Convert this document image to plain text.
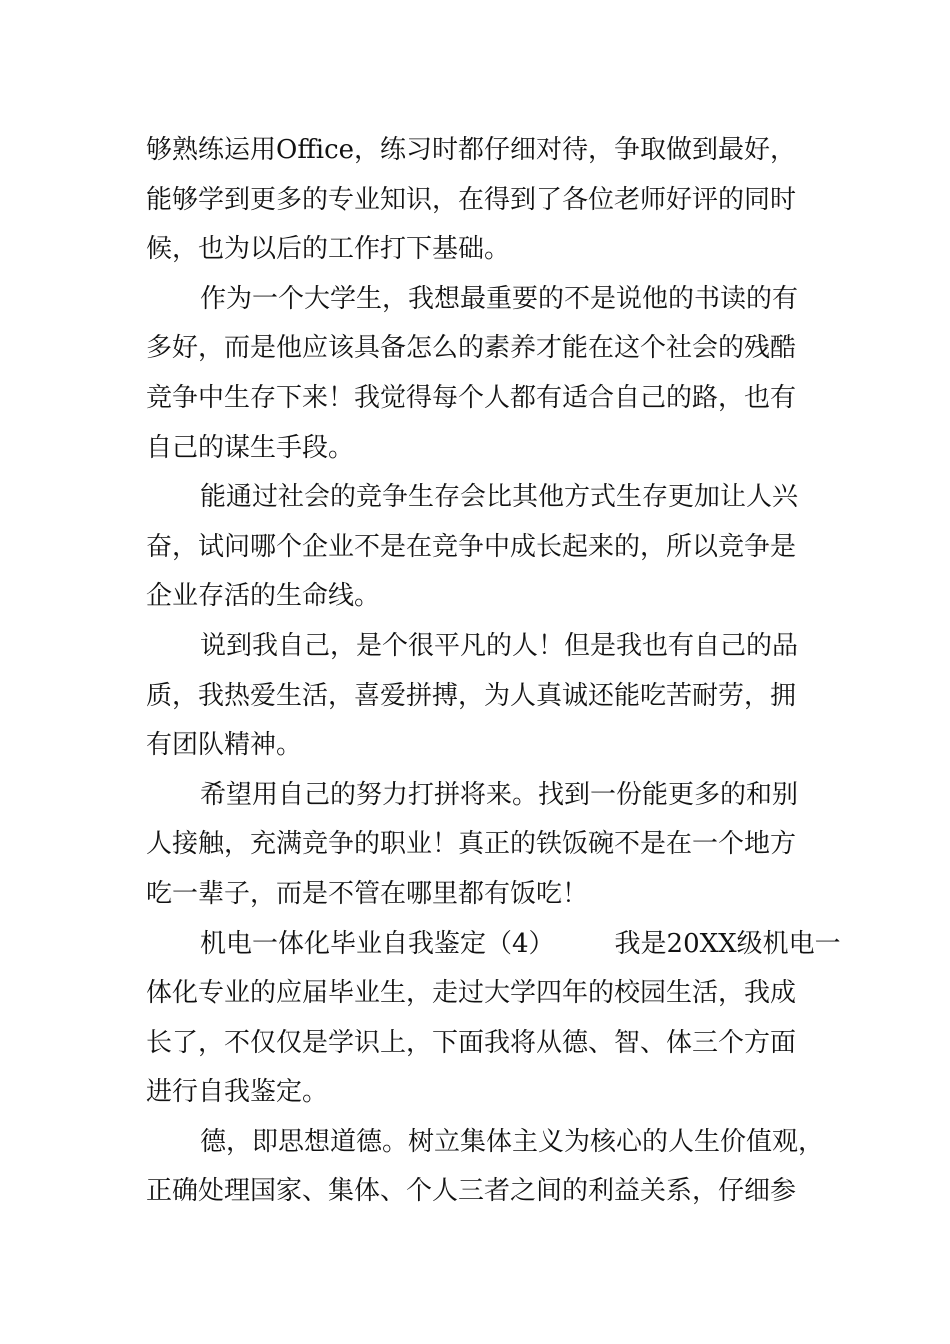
够熟练运用Office，练习时都仔细对待，争取做到最好，
能够学到更多的专业知识，在得到了各位老师好评的同时
候，也为以后的工作打下基础。
作为一个大学生，我想最重要的不是说他的书读的有
多好，而是他应该具备怎么的素养才能在这个社会的残酷
竞争中生存下来！我觉得每个人都有适合自己的路，也有
自己的谋生手段。
能通过社会的竞争生存会比其他方式生存更加让人兴
奋，试问哪个企业不是在竞争中成长起来的，所以竞争是
企业存活的生命线。
说到我自己，是个很平凡的人！但是我也有自己的品
质，我热爱生活，喜爱拼搏，为人真诚还能吃苦耐劳，拥
有团队精神。
希望用自己的努力打拼将来。找到一份能更多的和别
人接触，充满竞争的职业！真正的铁饭碗不是在一个地方
吃一辈子，而是不管在哪里都有饭吃！
机电一体化毕业自我鉴定（4） 我是20XX级机电一
体化专业的应届毕业生，走过大学四年的校园生活，我成
长了，不仅仅是学识上，下面我将从德、智、体三个方面
进行自我鉴定。
德，即思想道德。树立集体主义为核心的人生价值观，
正确处理国家、集体、个人三者之间的利益关系，仔细参
